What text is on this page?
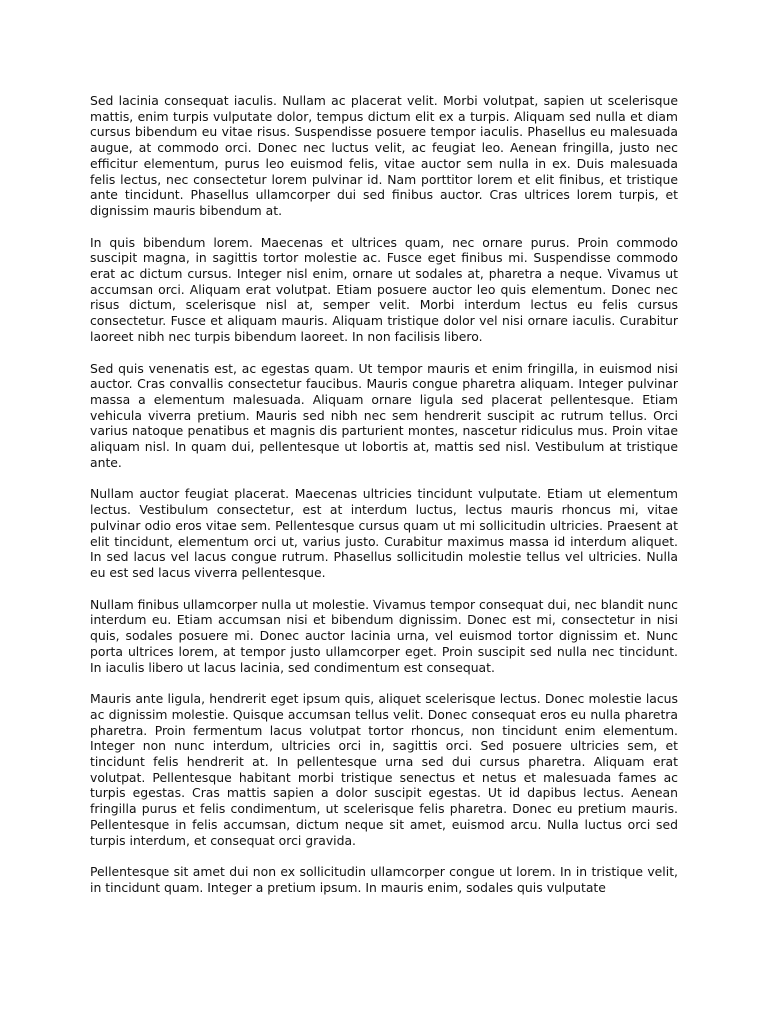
Sed lacinia consequat iaculis. Nullam ac placerat velit. Morbi volutpat, sapien ut scelerisque mattis, enim turpis vulputate dolor, tempus dictum elit ex a turpis. Aliquam sed nulla et diam cursus bibendum eu vitae risus. Suspendisse posuere tempor iaculis. Phasellus eu malesuada augue, at commodo orci. Donec nec luctus velit, ac feugiat leo. Aenean fringilla, justo nec efficitur elementum, purus leo euismod felis, vitae auctor sem nulla in ex. Duis malesuada felis lectus, nec consectetur lorem pulvinar id. Nam porttitor lorem et elit finibus, et tristique ante tincidunt. Phasellus ullamcorper dui sed finibus auctor. Cras ultrices lorem turpis, et dignissim mauris bibendum at.

In quis bibendum lorem. Maecenas et ultrices quam, nec ornare purus. Proin commodo suscipit magna, in sagittis tortor molestie ac. Fusce eget finibus mi. Suspendisse commodo erat ac dictum cursus. Integer nisl enim, ornare ut sodales at, pharetra a neque. Vivamus ut accumsan orci. Aliquam erat volutpat. Etiam posuere auctor leo quis elementum. Donec nec risus dictum, scelerisque nisl at, semper velit. Morbi interdum lectus eu felis cursus consectetur. Fusce et aliquam mauris. Aliquam tristique dolor vel nisi ornare iaculis. Curabitur laoreet nibh nec turpis bibendum laoreet. In non facilisis libero.

Sed quis venenatis est, ac egestas quam. Ut tempor mauris et enim fringilla, in euismod nisi auctor. Cras convallis consectetur faucibus. Mauris congue pharetra aliquam. Integer pulvinar massa a elementum malesuada. Aliquam ornare ligula sed placerat pellentesque. Etiam vehicula viverra pretium. Mauris sed nibh nec sem hendrerit suscipit ac rutrum tellus. Orci varius natoque penatibus et magnis dis parturient montes, nascetur ridiculus mus. Proin vitae aliquam nisl. In quam dui, pellentesque ut lobortis at, mattis sed nisl. Vestibulum at tristique ante.

Nullam auctor feugiat placerat. Maecenas ultricies tincidunt vulputate. Etiam ut elementum lectus. Vestibulum consectetur, est at interdum luctus, lectus mauris rhoncus mi, vitae pulvinar odio eros vitae sem. Pellentesque cursus quam ut mi sollicitudin ultricies. Praesent at elit tincidunt, elementum orci ut, varius justo. Curabitur maximus massa id interdum aliquet. In sed lacus vel lacus congue rutrum. Phasellus sollicitudin molestie tellus vel ultricies. Nulla eu est sed lacus viverra pellentesque.

Nullam finibus ullamcorper nulla ut molestie. Vivamus tempor consequat dui, nec blandit nunc interdum eu. Etiam accumsan nisi et bibendum dignissim. Donec est mi, consectetur in nisi quis, sodales posuere mi. Donec auctor lacinia urna, vel euismod tortor dignissim et. Nunc porta ultrices lorem, at tempor justo ullamcorper eget. Proin suscipit sed nulla nec tincidunt. In iaculis libero ut lacus lacinia, sed condimentum est consequat.

Mauris ante ligula, hendrerit eget ipsum quis, aliquet scelerisque lectus. Donec molestie lacus ac dignissim molestie. Quisque accumsan tellus velit. Donec consequat eros eu nulla pharetra pharetra. Proin fermentum lacus volutpat tortor rhoncus, non tincidunt enim elementum. Integer non nunc interdum, ultricies orci in, sagittis orci. Sed posuere ultricies sem, et tincidunt felis hendrerit at. In pellentesque urna sed dui cursus pharetra. Aliquam erat volutpat. Pellentesque habitant morbi tristique senectus et netus et malesuada fames ac turpis egestas. Cras mattis sapien a dolor suscipit egestas. Ut id dapibus lectus. Aenean fringilla purus et felis condimentum, ut scelerisque felis pharetra. Donec eu pretium mauris. Pellentesque in felis accumsan, dictum neque sit amet, euismod arcu. Nulla luctus orci sed turpis interdum, et consequat orci gravida.

Pellentesque sit amet dui non ex sollicitudin ullamcorper congue ut lorem. In in tristique velit, in tincidunt quam. Integer a pretium ipsum. In mauris enim, sodales quis vulputate
